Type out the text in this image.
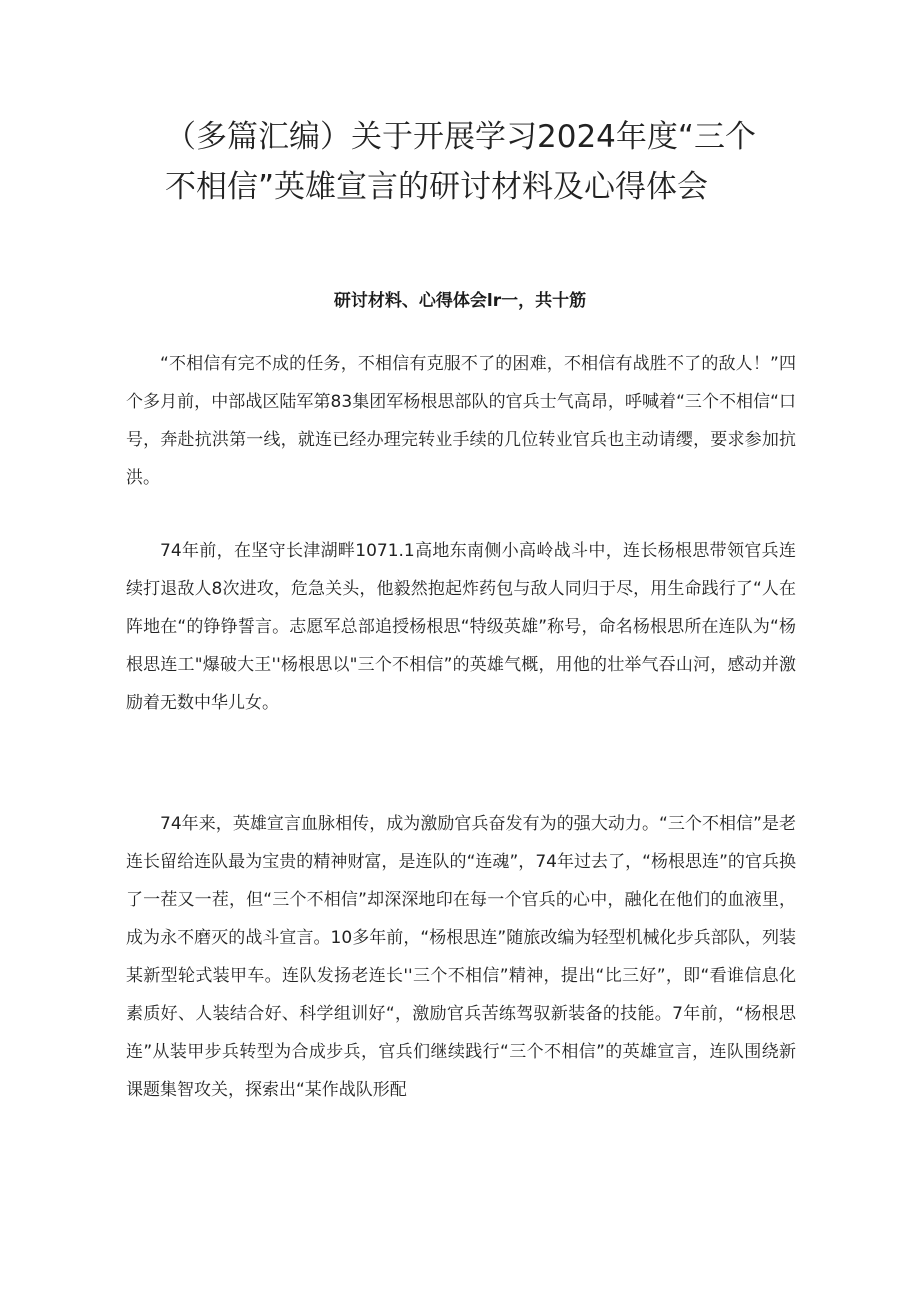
（多篇汇编）关于开展学习2024年度“三个不相信”英雄宣言的研讨材料及心得体会
研讨材料、心得体会lr一，共十筋

“不相信有完不成的任务，不相信有克服不了的困难，不相信有战胜不了的敌人！”四个多月前，中部战区陆军第83集团军杨根思部队的官兵士气高昂，呼喊着“三个不相信“口号，奔赴抗洪第一线，就连已经办理完转业手续的几位转业官兵也主动请缨，要求参加抗洪。

74年前，在坚守长津湖畔1071.1高地东南侧小高岭战斗中，连长杨根思带领官兵连续打退敌人8次进攻，危急关头，他毅然抱起炸药包与敌人同归于尽，用生命践行了“人在阵地在“的铮铮誓言。志愿军总部追授杨根思“特级英雄”称号，命名杨根思所在连队为“杨根思连工"爆破大王''杨根思以"三个不相信”的英雄气概，用他的壮举气吞山河，感动并激励着无数中华儿女。

74年来，英雄宣言血脉相传，成为激励官兵奋发有为的强大动力。“三个不相信”是老连长留给连队最为宝贵的精神财富，是连队的“连魂”，74年过去了，“杨根思连”的官兵换了一茬又一茬，但“三个不相信”却深深地印在每一个官兵的心中，融化在他们的血液里，成为永不磨灭的战斗宣言。10多年前，“杨根思连”随旅改编为轻型机械化步兵部队，列装某新型轮式装甲车。连队发扬老连长''三个不相信”精神，提出“比三好”，即“看谁信息化素质好、人装结合好、科学组训好“，激励官兵苦练驾驭新装备的技能。7年前，“杨根思连”从装甲步兵转型为合成步兵，官兵们继续践行“三个不相信”的英雄宣言，连队围绕新课题集智攻关，探索出“某作战队形配
